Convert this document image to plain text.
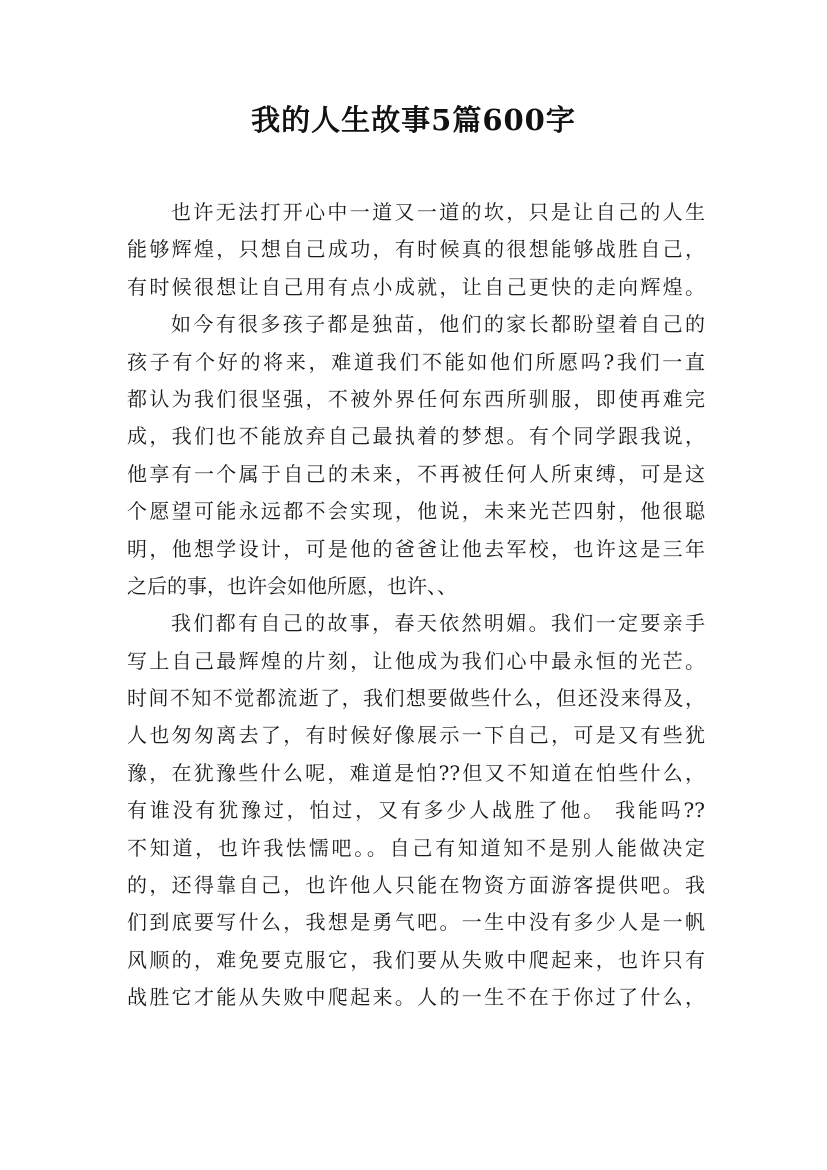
我的人生故事5篇600字
也许无法打开心中一道又一道的坎，只是让自己的人生
能够辉煌，只想自己成功，有时候真的很想能够战胜自己，
有时候很想让自己用有点小成就，让自己更快的走向辉煌。
如今有很多孩子都是独苗，他们的家长都盼望着自己的
孩子有个好的将来，难道我们不能如他们所愿吗?我们一直
都认为我们很坚强，不被外界任何东西所驯服，即使再难完
成，我们也不能放弃自己最执着的梦想。有个同学跟我说，
他享有一个属于自己的未来，不再被任何人所束缚，可是这
个愿望可能永远都不会实现，他说，未来光芒四射，他很聪
明，他想学设计，可是他的爸爸让他去军校，也许这是三年
之后的事，也许会如他所愿，也许、、
我们都有自己的故事，春天依然明媚。我们一定要亲手
写上自己最辉煌的片刻，让他成为我们心中最永恒的光芒。
时间不知不觉都流逝了，我们想要做些什么，但还没来得及，
人也匆匆离去了，有时候好像展示一下自己，可是又有些犹
豫，在犹豫些什么呢，难道是怕??但又不知道在怕些什么，
有谁没有犹豫过，怕过，又有多少人战胜了他。 我能吗??
不知道，也许我怯懦吧。。自己有知道知不是别人能做决定
的，还得靠自己，也许他人只能在物资方面游客提供吧。我
们到底要写什么，我想是勇气吧。一生中没有多少人是一帆
风顺的，难免要克服它，我们要从失败中爬起来，也许只有
战胜它才能从失败中爬起来。人的一生不在于你过了什么，
